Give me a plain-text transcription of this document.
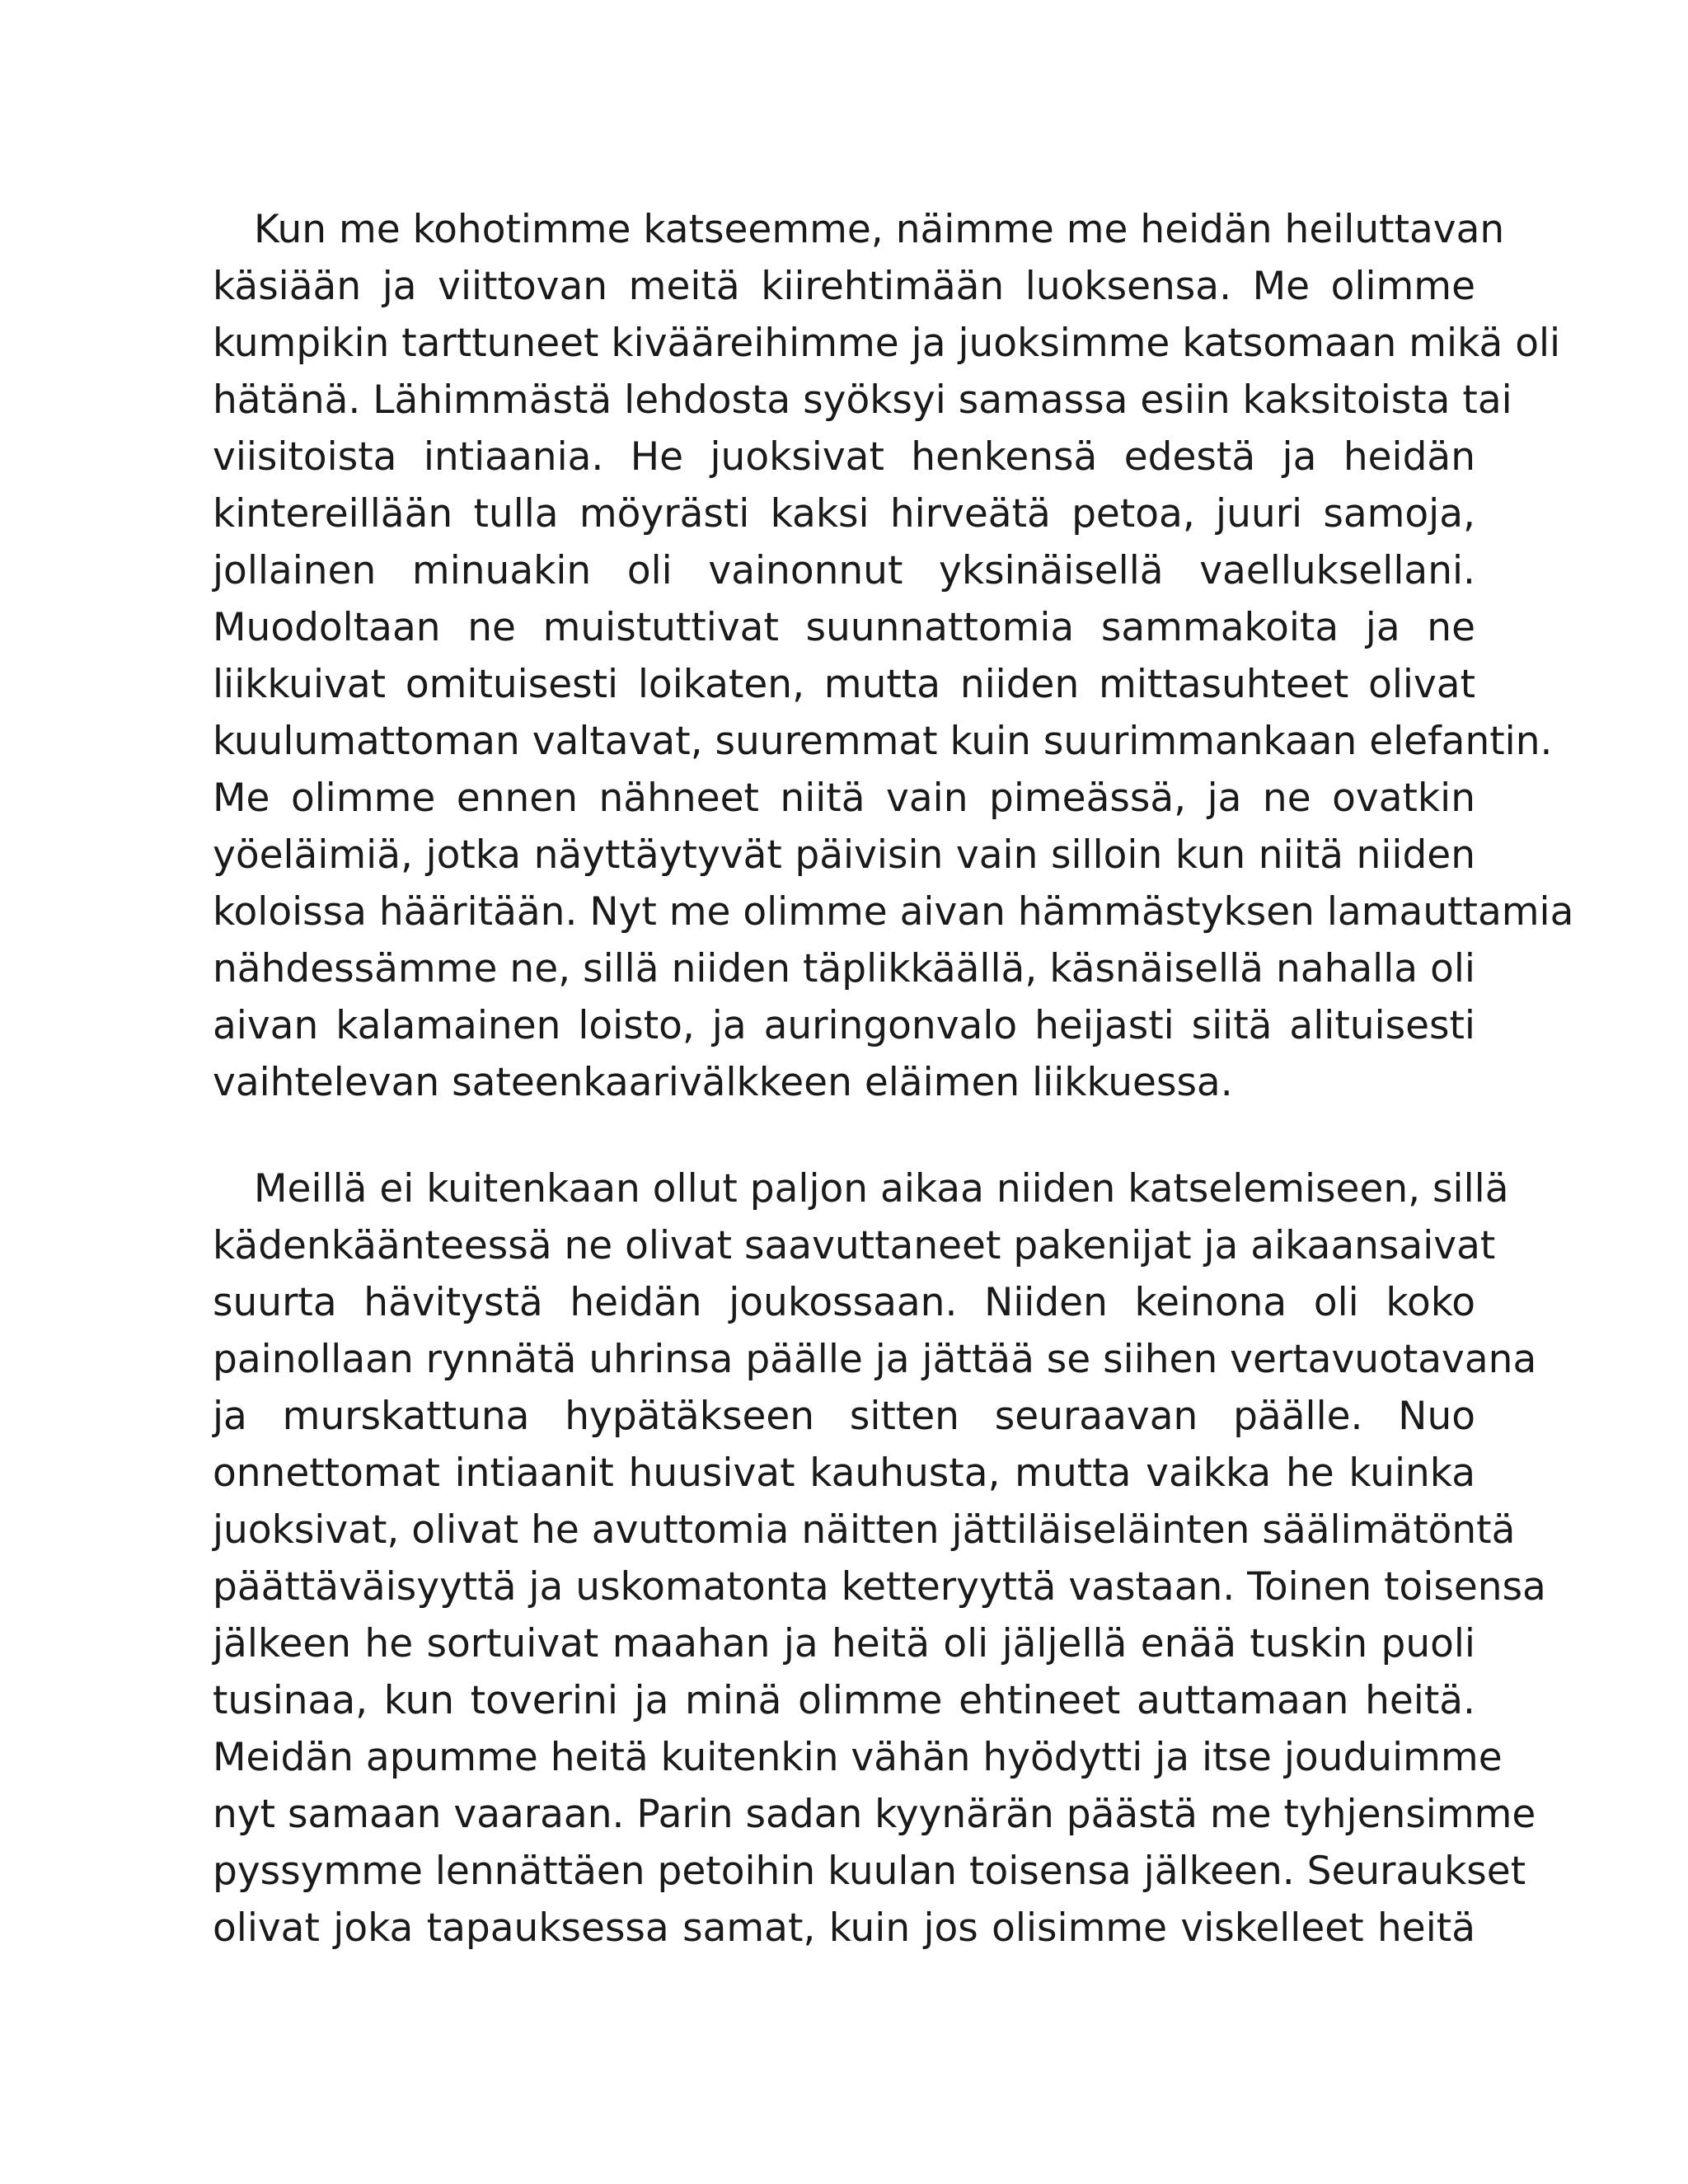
Kun me kohotimme katseemme, näimme me heidän heiluttavan
käsiään ja viittovan meitä kiirehtimään luoksensa. Me olimme
kumpikin tarttuneet kivääreihimme ja juoksimme katsomaan mikä oli
hätänä. Lähimmästä lehdosta syöksyi samassa esiin kaksitoista tai
viisitoista intiaania. He juoksivat henkensä edestä ja heidän
kintereillään tulla möyrästi kaksi hirveätä petoa, juuri samoja,
jollainen minuakin oli vainonnut yksinäisellä vaelluksellani.
Muodoltaan ne muistuttivat suunnattomia sammakoita ja ne
liikkuivat omituisesti loikaten, mutta niiden mittasuhteet olivat
kuulumattoman valtavat, suuremmat kuin suurimmankaan elefantin.
Me olimme ennen nähneet niitä vain pimeässä, ja ne ovatkin
yöeläimiä, jotka näyttäytyvät päivisin vain silloin kun niitä niiden
koloissa hääritään. Nyt me olimme aivan hämmästyksen lamauttamia
nähdessämme ne, sillä niiden täplikkäällä, käsnäisellä nahalla oli
aivan kalamainen loisto, ja auringonvalo heijasti siitä alituisesti
vaihtelevan sateenkaarivälkkeen eläimen liikkuessa.
Meillä ei kuitenkaan ollut paljon aikaa niiden katselemiseen, sillä
kädenkäänteessä ne olivat saavuttaneet pakenijat ja aikaansaivat
suurta hävitystä heidän joukossaan. Niiden keinona oli koko
painollaan rynnätä uhrinsa päälle ja jättää se siihen vertavuotavana
ja murskattuna hypätäkseen sitten seuraavan päälle. Nuo
onnettomat intiaanit huusivat kauhusta, mutta vaikka he kuinka
juoksivat, olivat he avuttomia näitten jättiläiseläinten säälimätöntä
päättäväisyyttä ja uskomatonta ketteryyttä vastaan. Toinen toisensa
jälkeen he sortuivat maahan ja heitä oli jäljellä enää tuskin puoli
tusinaa, kun toverini ja minä olimme ehtineet auttamaan heitä.
Meidän apumme heitä kuitenkin vähän hyödytti ja itse jouduimme
nyt samaan vaaraan. Parin sadan kyynärän päästä me tyhjensimme
pyssymme lennättäen petoihin kuulan toisensa jälkeen. Seuraukset
olivat joka tapauksessa samat, kuin jos olisimme viskelleet heitä
